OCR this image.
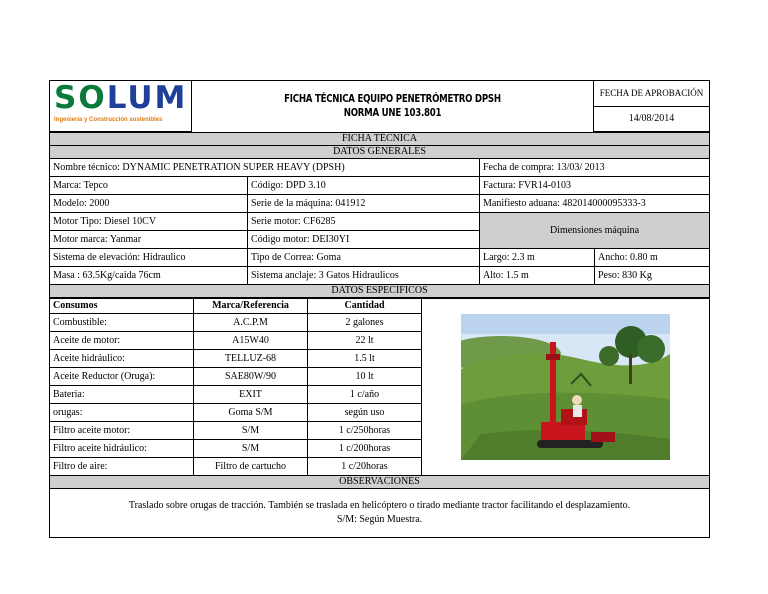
SOLUM
Ingeniería y Construcción sostenibles

FICHA TÉCNICA EQUIPO PENETRÓMETRO DPSH
NORMA UNE 103.801
	FECHA DE APROBACIÓN
14/08/2014
FICHA TÉCNICA			
DATOS GENERALES			
Nombre técnico: DYNAMIC PENETRATION SUPER HEAVY (DPSH)		Fecha de compra: 13/03/ 2013	
Marca: Tepco	Código: DPD 3.10	Factura: FVR14-0103	
Modelo: 2000	Serie de la máquina: 041912	Manifiesto aduana: 482014000095333-3	
Motor Tipo: Diesel 10CV	Serie motor: CF6285	Dimensiones máquina	
Motor marca: Yanmar	Código motor: DEI30YI		
Sistema de elevación: Hidraulico	Tipo de Correa: Goma	Largo: 2.3 m	Ancho: 0.80 m
Masa : 63.5Kg/caida 76cm	Sistema anclaje: 3 Gatos Hidraulicos	Alto: 1.5 m	Peso: 830 Kg
DATOS ESPECÍFICOS			
Consumos	Marca/Referencia	Cantidad	

Combustible:	A.C.P.M	2 galones	
Aceite de motor:	A15W40	22 lt	
Aceite hidráulico:	TELLUZ-68	1.5 lt	
Aceite Reductor (Oruga):	SAE80W/90	10 lt	
Bateria:	EXIT	1 c/año	
orugas:	Goma S/M	según uso	
Filtro aceite motor:	S/M	1 c/250horas	
Filtro aceite hidráulico:	S/M	1 c/200horas	
Filtro de aire:	Filtro de cartucho	1 c/20horas	
OBSERVACIONES			

Traslado sobre orugas de tracción. También se traslada en helicóptero o tirado mediante tractor facilitando el desplazamiento.

S/M: Según Muestra.			
